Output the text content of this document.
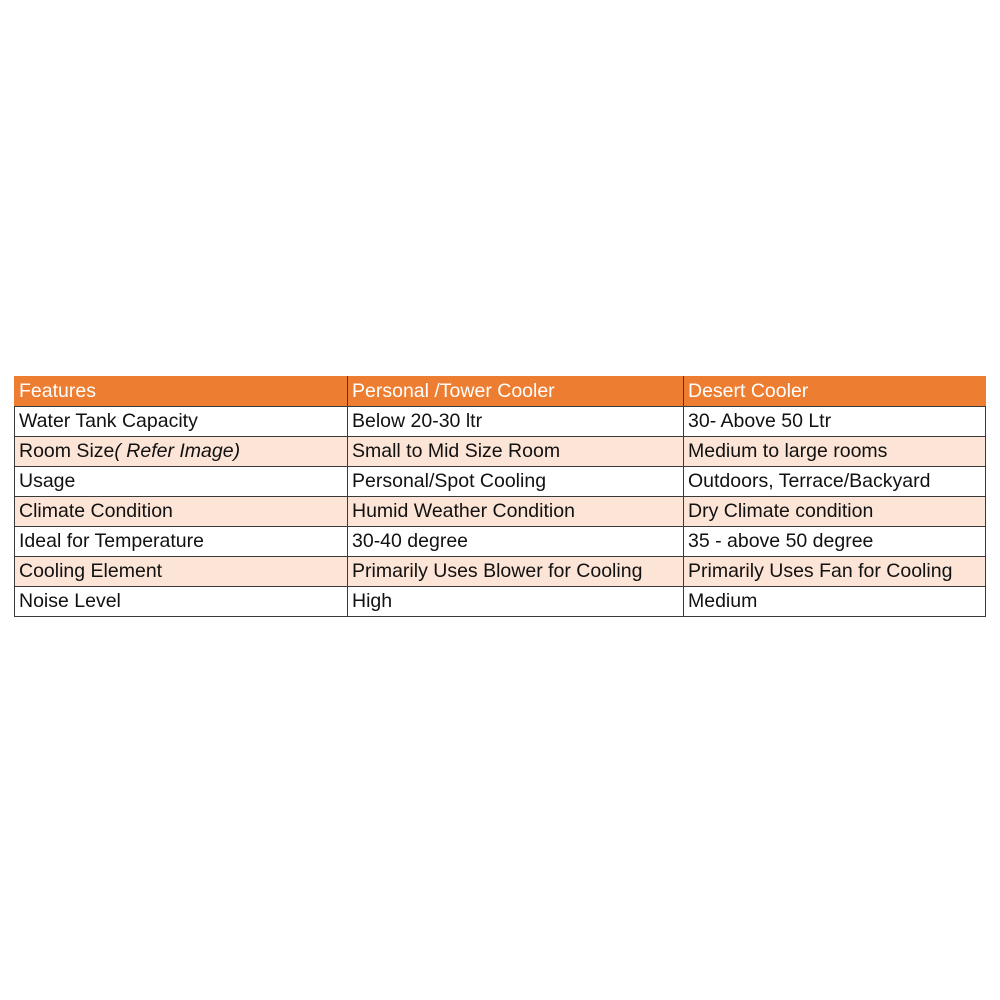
Features	Personal /Tower Cooler	Desert Cooler
Water Tank Capacity	Below 20-30 ltr	30- Above 50 Ltr
Room Size( Refer Image)	Small to Mid Size Room	Medium to large rooms
Usage	Personal/Spot Cooling	Outdoors, Terrace/Backyard
Climate Condition	Humid Weather Condition	Dry Climate condition
Ideal for Temperature	30-40 degree	35 - above 50 degree
Cooling Element	Primarily Uses Blower for Cooling	Primarily Uses Fan for Cooling
Noise Level	High	Medium
